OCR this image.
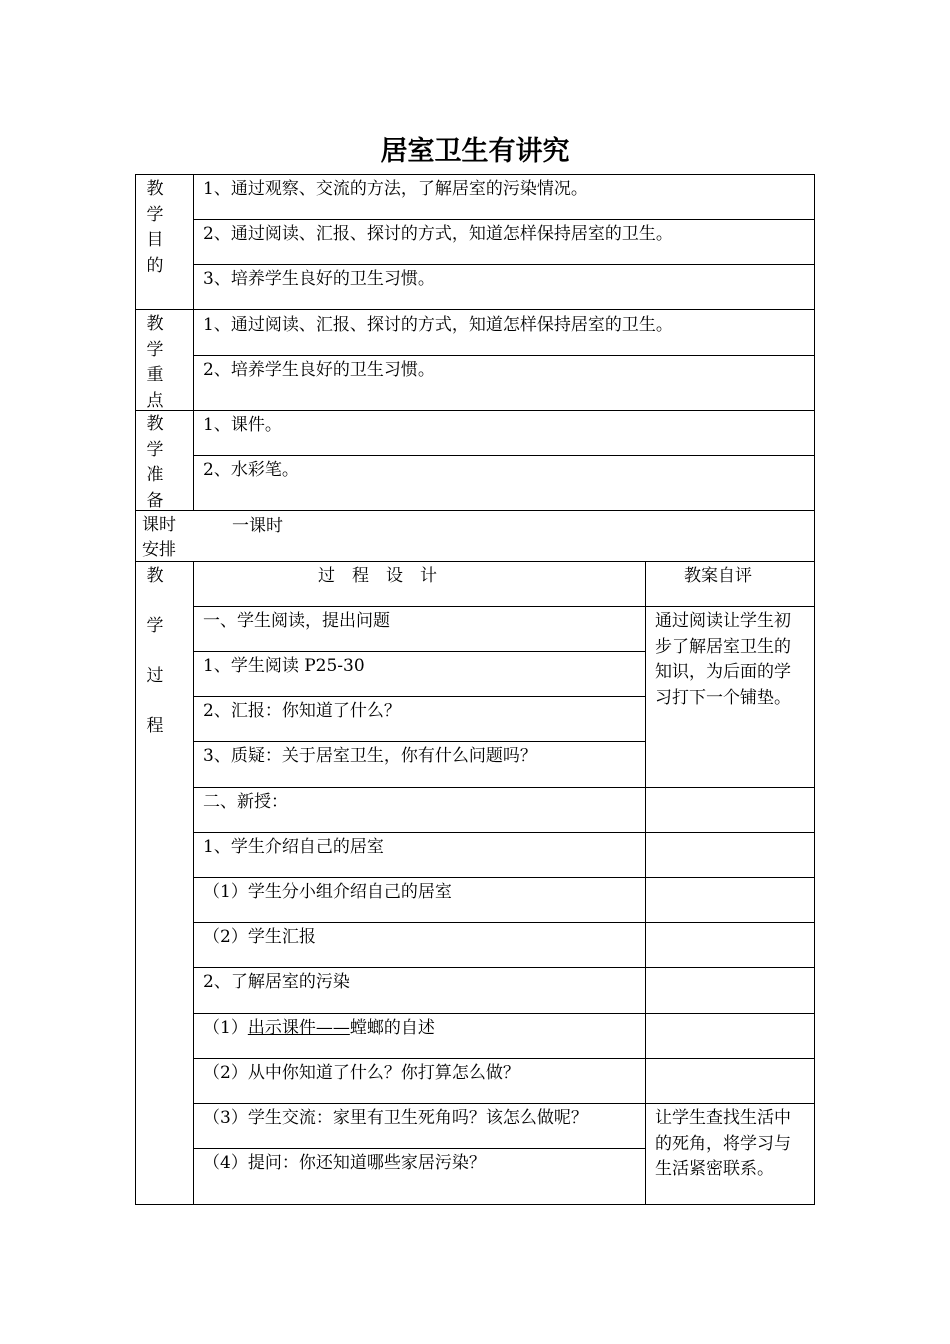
居室卫生有讲究
教
学
目
的
1、通过观察、交流的方法，了解居室的污染情况。
2、通过阅读、汇报、探讨的方式，知道怎样保持居室的卫生。
3、培养学生良好的卫生习惯。
教
学
重
点
1、通过阅读、汇报、探讨的方式，知道怎样保持居室的卫生。
2、培养学生良好的卫生习惯。
教
学
准
备
1、课件。
2、水彩笔。
课时
安排
一课时
教
学
过
程
过　程　设　计	教案自评
一、学生阅读，提出问题
1、学生阅读 P25-30
2、汇报：你知道了什么？
3、质疑：关于居室卫生，你有什么问题吗？
二、新授：
1、学生介绍自己的居室
（1）学生分小组介绍自己的居室
（2）学生汇报
2、了解居室的污染
（1）出示课件——螳螂的自述
（2）从中你知道了什么？你打算怎么做？
（3）学生交流：家里有卫生死角吗？该怎么做呢？
（4）提问：你还知道哪些家居污染？
通过阅读让学生初步了解居室卫生的知识，为后面的学习打下一个铺垫。
让学生查找生活中的死角，将学习与生活紧密联系。
